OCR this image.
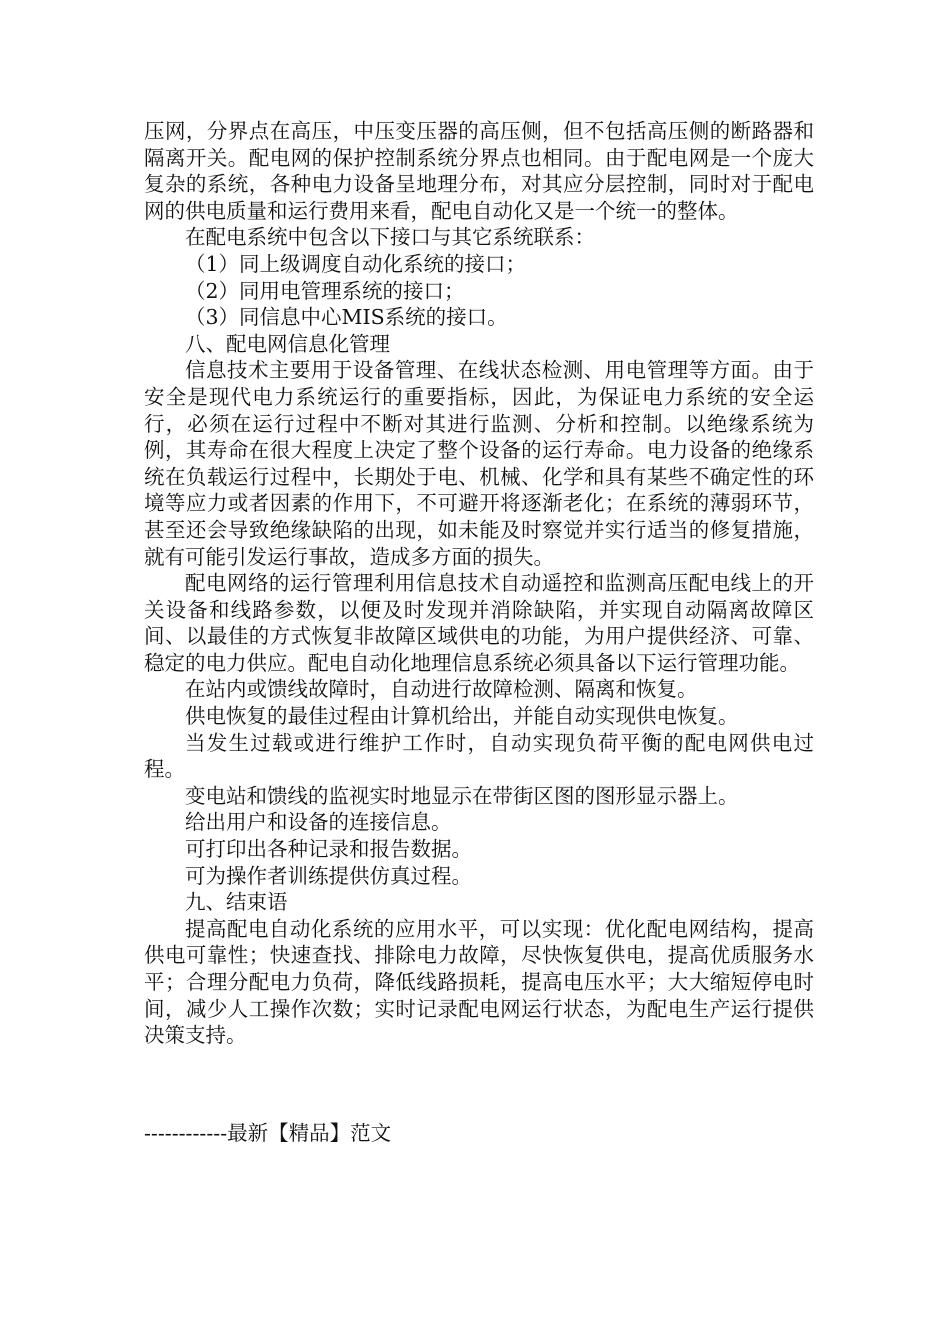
压网，分界点在高压，中压变压器的高压侧，但不包括高压侧的断路器和隔离开关。配电网的保护控制系统分界点也相同。由于配电网是一个庞大复杂的系统，各种电力设备呈地理分布，对其应分层控制，同时对于配电网的供电质量和运行费用来看，配电自动化又是一个统一的整体。

在配电系统中包含以下接口与其它系统联系：

（1）同上级调度自动化系统的接口；

（2）同用电管理系统的接口；

（3）同信息中心MIS系统的接口。

八、配电网信息化管理

信息技术主要用于设备管理、在线状态检测、用电管理等方面。由于安全是现代电力系统运行的重要指标，因此，为保证电力系统的安全运行，必须在运行过程中不断对其进行监测、分析和控制。以绝缘系统为例，其寿命在很大程度上决定了整个设备的运行寿命。电力设备的绝缘系统在负载运行过程中，长期处于电、机械、化学和具有某些不确定性的环境等应力或者因素的作用下，不可避开将逐渐老化；在系统的薄弱环节，甚至还会导致绝缘缺陷的出现，如未能及时察觉并实行适当的修复措施，就有可能引发运行事故，造成多方面的损失。

配电网络的运行管理利用信息技术自动遥控和监测高压配电线上的开关设备和线路参数，以便及时发现并消除缺陷，并实现自动隔离故障区间、以最佳的方式恢复非故障区域供电的功能，为用户提供经济、可靠、稳定的电力供应。配电自动化地理信息系统必须具备以下运行管理功能。

在站内或馈线故障时，自动进行故障检测、隔离和恢复。

供电恢复的最佳过程由计算机给出，并能自动实现供电恢复。

当发生过载或进行维护工作时，自动实现负荷平衡的配电网供电过程。

变电站和馈线的监视实时地显示在带街区图的图形显示器上。

给出用户和设备的连接信息。

可打印出各种记录和报告数据。

可为操作者训练提供仿真过程。

九、结束语

提高配电自动化系统的应用水平，可以实现：优化配电网结构，提高供电可靠性；快速查找、排除电力故障，尽快恢复供电，提高优质服务水平；合理分配电力负荷，降低线路损耗，提高电压水平；大大缩短停电时间，减少人工操作次数；实时记录配电网运行状态，为配电生产运行提供决策支持。

------------最新【精品】范文
